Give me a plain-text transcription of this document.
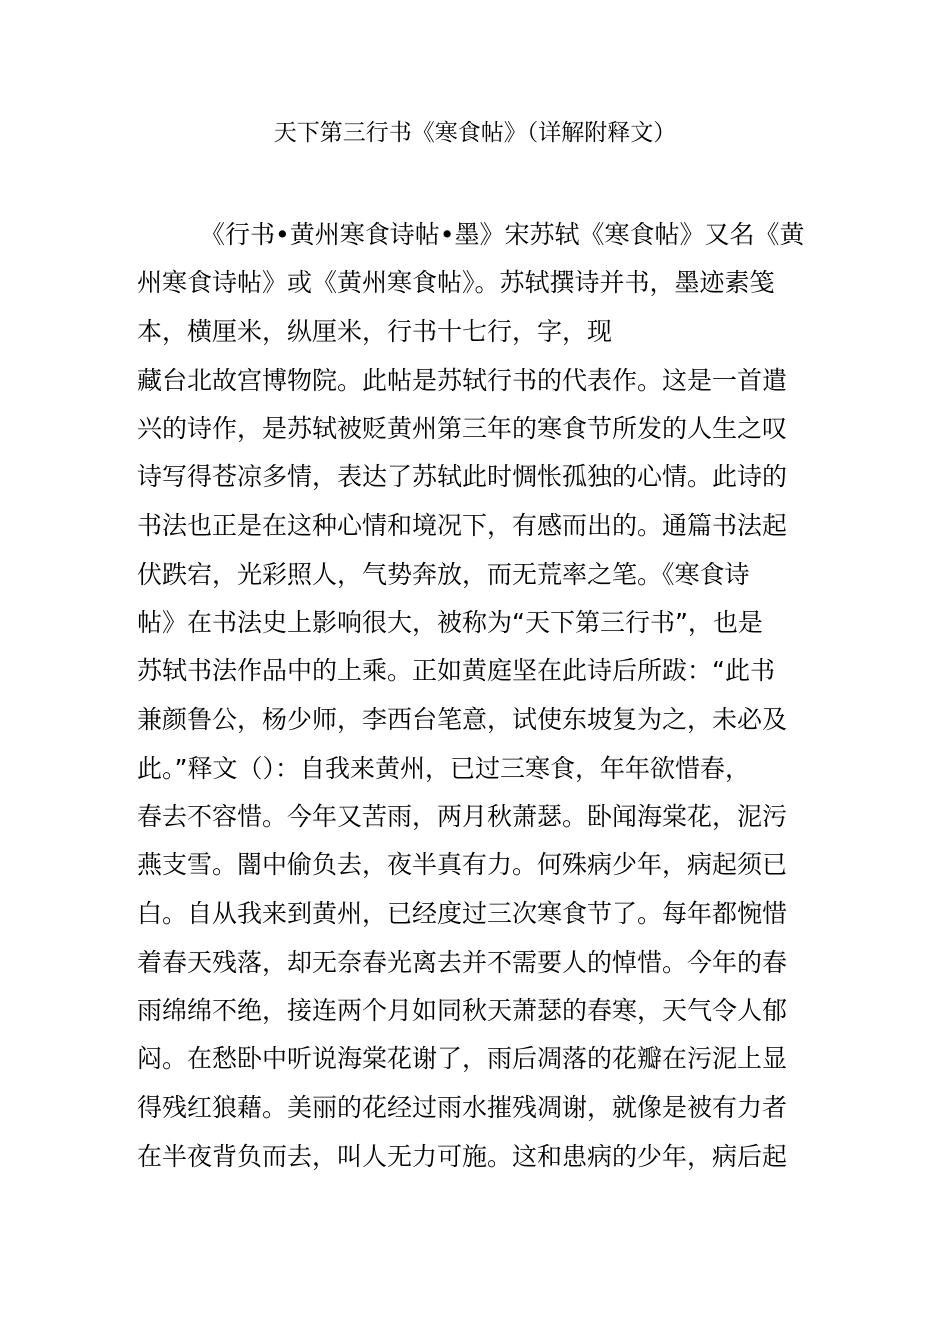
天下第三行书《寒食帖》（详解附释文）
《行书•黄州寒食诗帖•墨》宋苏轼《寒食帖》又名《黄
州寒食诗帖》或《黄州寒食帖》。苏轼撰诗并书，墨迹素笺
本，横厘米，纵厘米，行书十七行，字，现
藏台北故宫博物院。此帖是苏轼行书的代表作。这是一首遣
兴的诗作，是苏轼被贬黄州第三年的寒食节所发的人生之叹
诗写得苍凉多情，表达了苏轼此时惆怅孤独的心情。此诗的
书法也正是在这种心情和境况下，有感而出的。通篇书法起
伏跌宕，光彩照人，气势奔放，而无荒率之笔。《寒食诗
帖》在书法史上影响很大，被称为“天下第三行书”，也是
苏轼书法作品中的上乘。正如黄庭坚在此诗后所跋：“此书
兼颜鲁公，杨少师，李西台笔意，试使东坡复为之，未必及
此。”释文（）：自我来黄州，已过三寒食，年年欲惜春，
春去不容惜。今年又苦雨，两月秋萧瑟。卧闻海棠花，泥污
燕支雪。闇中偷负去，夜半真有力。何殊病少年，病起须已
白。自从我来到黄州，已经度过三次寒食节了。每年都惋惜
着春天残落，却无奈春光离去并不需要人的悼惜。今年的春
雨绵绵不绝，接连两个月如同秋天萧瑟的春寒，天气令人郁
闷。在愁卧中听说海棠花谢了，雨后凋落的花瓣在污泥上显
得残红狼藉。美丽的花经过雨水摧残凋谢，就像是被有力者
在半夜背负而去，叫人无力可施。这和患病的少年，病后起
